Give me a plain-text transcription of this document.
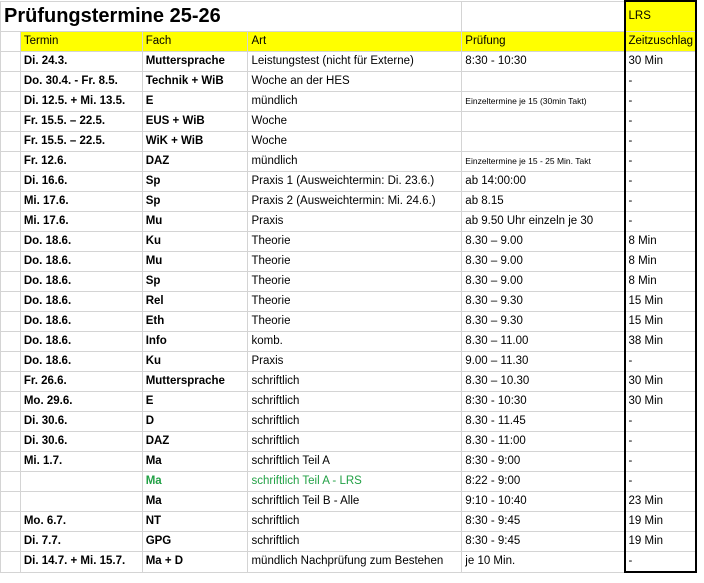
Prüfungstermine 25-26					LRS	
	Termin	Fach	Art	Prüfung	Zeitzuschlag	
	Di. 24.3.	Muttersprache	Leistungstest (nicht für Externe)	8:30 - 10:30	30 Min	
	Do. 30.4. - Fr. 8.5.	Technik + WiB	Woche an der HES		-	
	Di. 12.5. + Mi. 13.5.	E	mündlich	Einzeltermine je 15 (30min Takt)	-	
	Fr. 15.5. – 22.5.	EUS + WiB	Woche		-	
	Fr. 15.5. – 22.5.	WiK + WiB	Woche		-	
	Fr. 12.6.	DAZ	mündlich	Einzeltermine je 15 - 25 Min. Takt	-	
	Di. 16.6.	Sp	Praxis 1 (Ausweichtermin: Di. 23.6.)	ab 14:00:00	-	
	Mi. 17.6.	Sp	Praxis 2 (Ausweichtermin: Mi. 24.6.)	ab 8.15	-	
	Mi. 17.6.	Mu	Praxis	ab 9.50 Uhr einzeln je 30	-	
	Do. 18.6.	Ku	Theorie	8.30 – 9.00	8 Min	
	Do. 18.6.	Mu	Theorie	8.30 – 9.00	8 Min	
	Do. 18.6.	Sp	Theorie	8.30 – 9.00	8 Min	
	Do. 18.6.	Rel	Theorie	8.30 – 9.30	15 Min	
	Do. 18.6.	Eth	Theorie	8.30 – 9.30	15 Min	
	Do. 18.6.	Info	komb.	8.30 – 11.00	38 Min	
	Do. 18.6.	Ku	Praxis	9.00 – 11.30	-	
	Fr. 26.6.	Muttersprache	schriftlich	8.30 – 10.30	30 Min	
	Mo. 29.6.	E	schriftlich	8:30 - 10:30	30 Min	
	Di. 30.6.	D	schriftlich	8.30 - 11.45	-	
	Di. 30.6.	DAZ	schriftlich	8.30 - 11:00	-	
	Mi. 1.7.	Ma	schriftlich Teil A	8:30 - 9:00	-	
		Ma	schriftlich Teil A - LRS	8:22 - 9:00	-	
		Ma	schriftlich Teil B - Alle	9:10 - 10:40	23 Min	
	Mo. 6.7.	NT	schriftlich	8:30 - 9:45	19 Min	
	Di. 7.7.	GPG	schriftlich	8:30 - 9:45	19 Min	
	Di. 14.7. + Mi. 15.7.	Ma + D	mündlich Nachprüfung zum Bestehen	je 10 Min.	-	
